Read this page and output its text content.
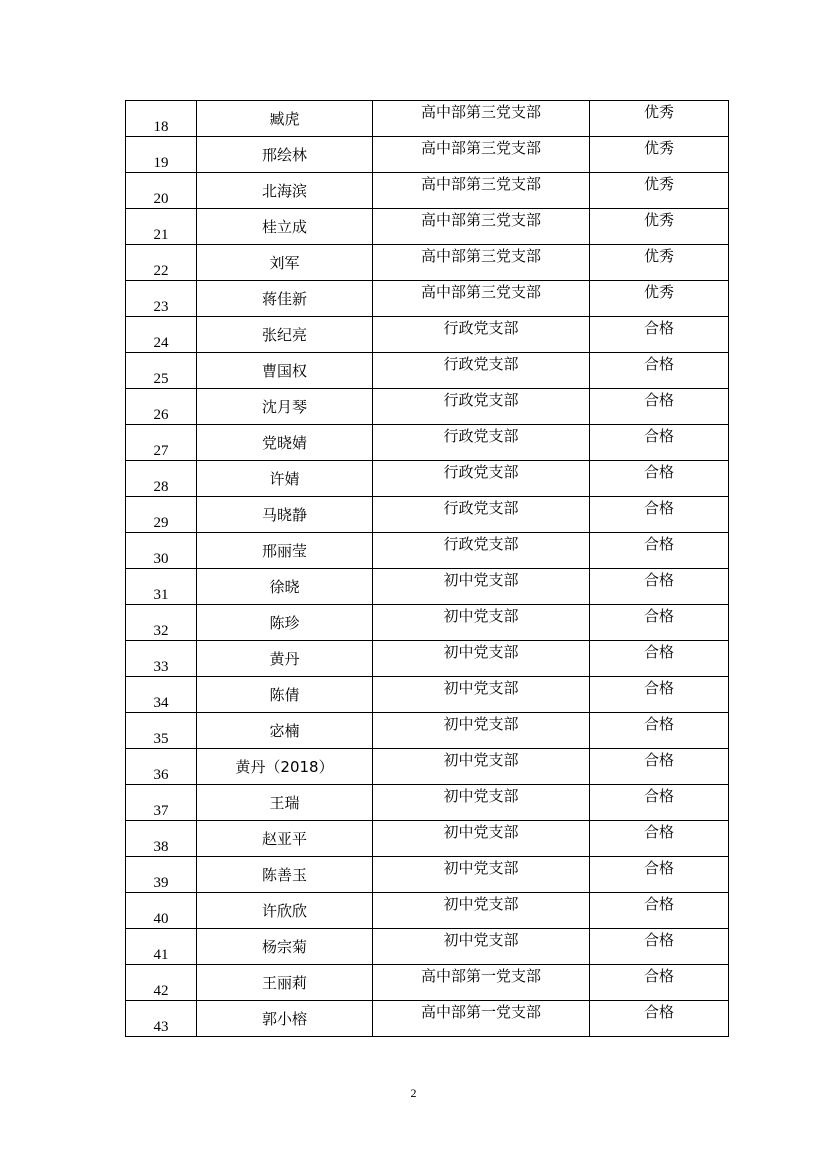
18	臧虎	高中部第三党支部	优秀
19	邢绘林	高中部第三党支部	优秀
20	北海滨	高中部第三党支部	优秀
21	桂立成	高中部第三党支部	优秀
22	刘军	高中部第三党支部	优秀
23	蒋佳新	高中部第三党支部	优秀
24	张纪亮	行政党支部	合格
25	曹国权	行政党支部	合格
26	沈月琴	行政党支部	合格
27	党晓婧	行政党支部	合格
28	许婧	行政党支部	合格
29	马晓静	行政党支部	合格
30	邢丽莹	行政党支部	合格
31	徐晓	初中党支部	合格
32	陈珍	初中党支部	合格
33	黄丹	初中党支部	合格
34	陈倩	初中党支部	合格
35	宓楠	初中党支部	合格
36	黄丹（2018）	初中党支部	合格
37	王瑞	初中党支部	合格
38	赵亚平	初中党支部	合格
39	陈善玉	初中党支部	合格
40	许欣欣	初中党支部	合格
41	杨宗菊	初中党支部	合格
42	王丽莉	高中部第一党支部	合格
43	郭小榕	高中部第一党支部	合格
2
